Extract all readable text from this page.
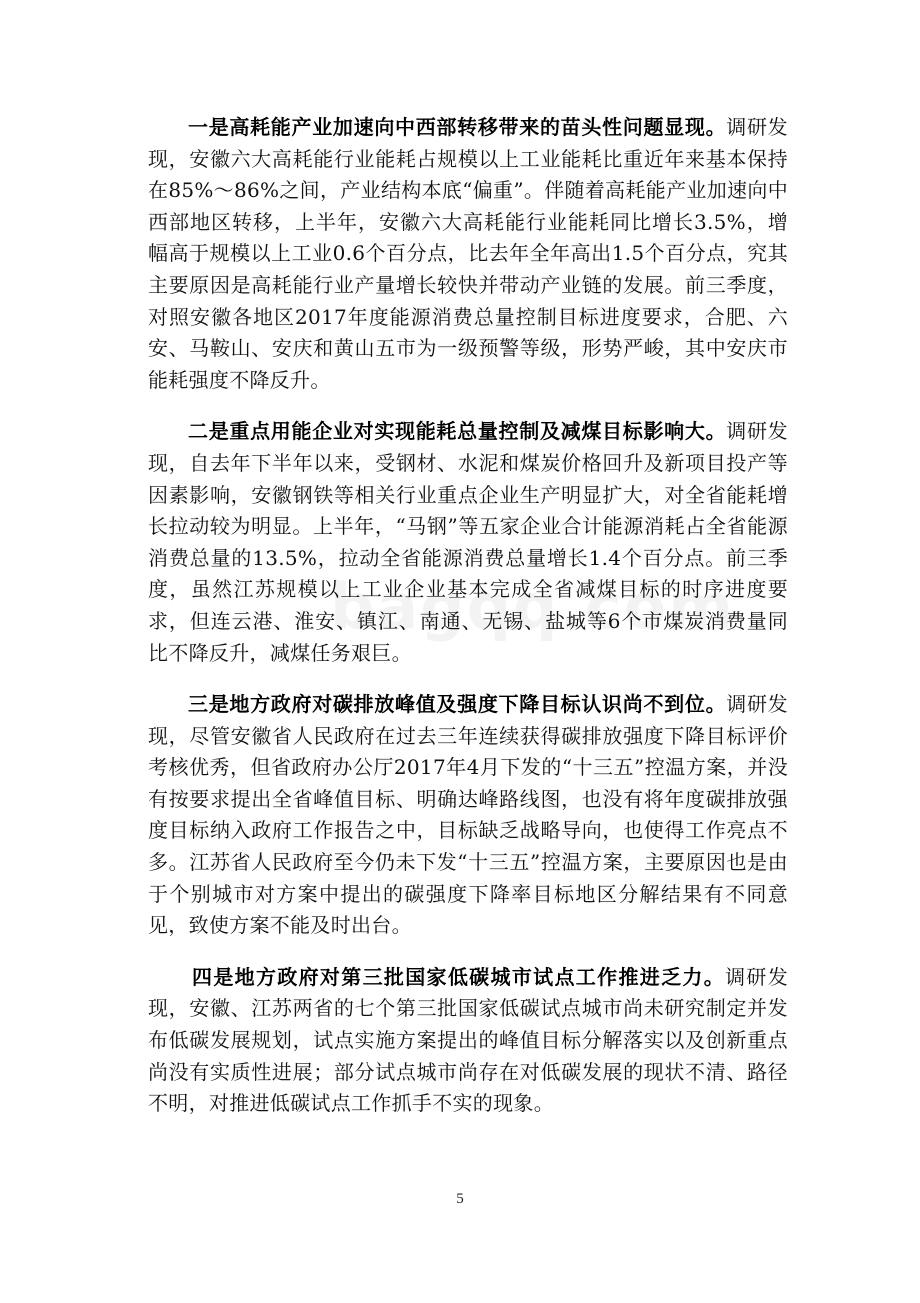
一是高耗能产业加速向中西部转移带来的苗头性问题显现。调研发现，安徽六大高耗能行业能耗占规模以上工业能耗比重近年来基本保持在85%～86%之间，产业结构本底“偏重”。伴随着高耗能产业加速向中西部地区转移，上半年，安徽六大高耗能行业能耗同比增长3.5%，增幅高于规模以上工业0.6个百分点，比去年全年高出1.5个百分点，究其主要原因是高耗能行业产量增长较快并带动产业链的发展。前三季度，对照安徽各地区2017年度能源消费总量控制目标进度要求，合肥、六安、马鞍山、安庆和黄山五市为一级预警等级，形势严峻，其中安庆市能耗强度不降反升。

二是重点用能企业对实现能耗总量控制及减煤目标影响大。调研发现，自去年下半年以来，受钢材、水泥和煤炭价格回升及新项目投产等因素影响，安徽钢铁等相关行业重点企业生产明显扩大，对全省能耗增长拉动较为明显。上半年，“马钢”等五家企业合计能源消耗占全省能源消费总量的13.5%，拉动全省能源消费总量增长1.4个百分点。前三季度，虽然江苏规模以上工业企业基本完成全省减煤目标的时序进度要求，但连云港、淮安、镇江、南通、无锡、盐城等6个市煤炭消费量同比不降反升，减煤任务艰巨。

三是地方政府对碳排放峰值及强度下降目标认识尚不到位。调研发现，尽管安徽省人民政府在过去三年连续获得碳排放强度下降目标评价考核优秀，但省政府办公厅2017年4月下发的“十三五”控温方案，并没有按要求提出全省峰值目标、明确达峰路线图，也没有将年度碳排放强度目标纳入政府工作报告之中，目标缺乏战略导向，也使得工作亮点不多。江苏省人民政府至今仍未下发“十三五”控温方案，主要原因也是由于个别城市对方案中提出的碳强度下降率目标地区分解结果有不同意见，致使方案不能及时出台。

四是地方政府对第三批国家低碳城市试点工作推进乏力。调研发现，安徽、江苏两省的七个第三批国家低碳试点城市尚未研究制定并发布低碳发展规划，试点实施方案提出的峰值目标分解落实以及创新重点尚没有实质性进展；部分试点城市尚存在对低碳发展的现状不清、路径不明，对推进低碳试点工作抓手不实的现象。

5
